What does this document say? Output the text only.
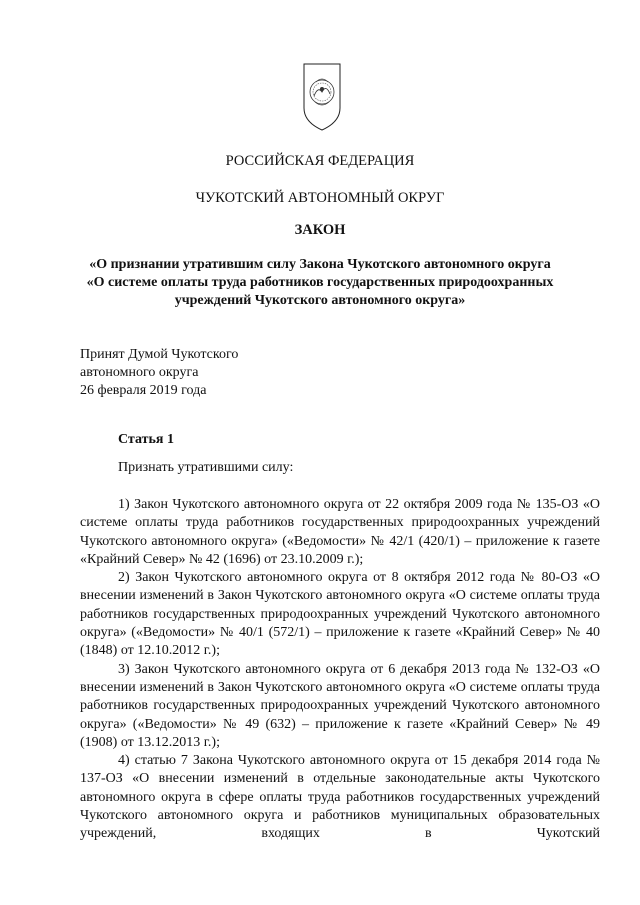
РОССИЙСКАЯ ФЕДЕРАЦИЯ
ЧУКОТСКИЙ АВТОНОМНЫЙ ОКРУГ
ЗАКОН
«О признании утратившим силу Закона Чукотского автономного округа
«О системе оплаты труда работников государственных природоохранных
учреждений Чукотского автономного округа»
Принят Думой Чукотского
автономного округа
26 февраля 2019 года
Статья 1
Признать утратившими силу:

1) Закон Чукотского автономного округа от 22 октября 2009 года № 135-ОЗ «О системе оплаты труда работников государственных природоохранных учреждений Чукотского автономного округа» («Ведомости» № 42/1 (420/1) – приложение к газете «Крайний Север» № 42 (1696) от 23.10.2009 г.);

2) Закон Чукотского автономного округа от 8 октября 2012 года № 80-ОЗ «О внесении изменений в Закон Чукотского автономного округа «О системе оплаты труда работников государственных природоохранных учреждений Чукотского автономного округа» («Ведомости» № 40/1 (572/1) – приложение к газете «Крайний Север» № 40 (1848) от 12.10.2012 г.);

3) Закон Чукотского автономного округа от 6 декабря 2013 года № 132-ОЗ «О внесении изменений в Закон Чукотского автономного округа «О системе оплаты труда работников государственных природоохранных учреждений Чукотского автономного округа» («Ведомости» № 49 (632) – приложение к газете «Крайний Север» № 49 (1908) от 13.12.2013 г.);

4) статью 7 Закона Чукотского автономного округа от 15 декабря 2014 года № 137-ОЗ «О внесении изменений в отдельные законодательные акты Чукотского автономного округа в сфере оплаты труда работников государственных учреждений Чукотского автономного округа и работников муниципальных образовательных учреждений, входящих в Чукотский
